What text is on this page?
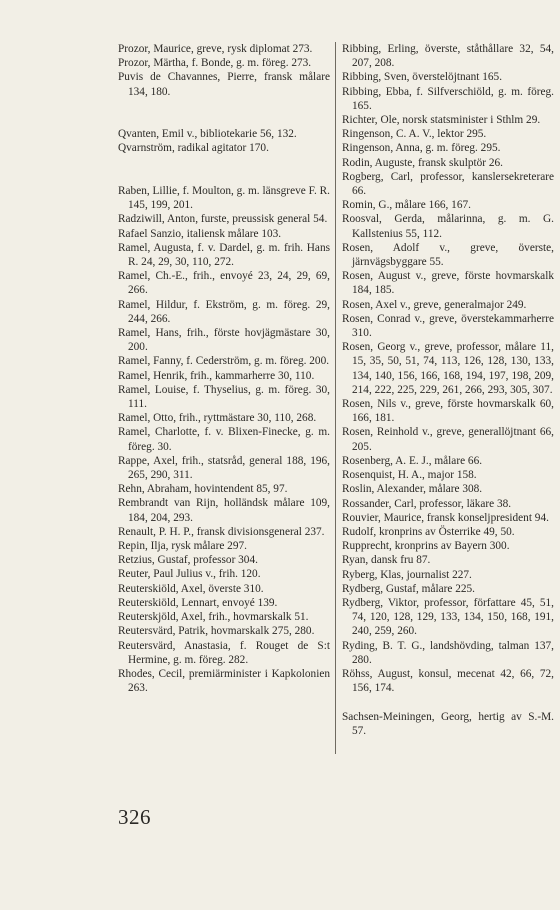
Prozor, Maurice, greve, rysk diplomat 273.
Prozor, Märtha, f. Bonde, g. m. föreg. 273.
Puvis de Chavannes, Pierre, fransk målare 134, 180.
Qvanten, Emil v., bibliotekarie 56, 132.
Qvarnström, radikal agitator 170.
Raben, Lillie, f. Moulton, g. m. länsgreve F. R. 145, 199, 201.
Radziwill, Anton, furste, preussisk general 54.
Rafael Sanzio, italiensk målare 103.
Ramel, Augusta, f. v. Dardel, g. m. frih. Hans R. 24, 29, 30, 110, 272.
Ramel, Ch.-E., frih., envoyé 23, 24, 29, 69, 266.
Ramel, Hildur, f. Ekström, g. m. föreg. 29, 244, 266.
Ramel, Hans, frih., förste hovjägmästare 30, 200.
Ramel, Fanny, f. Cederström, g. m. föreg. 200.
Ramel, Henrik, frih., kammarherre 30, 110.
Ramel, Louise, f. Thyselius, g. m. föreg. 30, 111.
Ramel, Otto, frih., ryttmästare 30, 110, 268.
Ramel, Charlotte, f. v. Blixen-Finecke, g. m. föreg. 30.
Rappe, Axel, frih., statsråd, general 188, 196, 265, 290, 311.
Rehn, Abraham, hovintendent 85, 97.
Rembrandt van Rijn, holländsk målare 109, 184, 204, 293.
Renault, P. H. P., fransk divisionsgeneral 237.
Repin, Ilja, rysk målare 297.
Retzius, Gustaf, professor 304.
Reuter, Paul Julius v., frih. 120.
Reuterskiöld, Axel, överste 310.
Reuterskiöld, Lennart, envoyé 139.
Reuterskjöld, Axel, frih., hovmarskalk 51.
Reutersvärd, Patrik, hovmarskalk 275, 280.
Reutersvärd, Anastasia, f. Rouget de S:t Hermine, g. m. föreg. 282.
Rhodes, Cecil, premiärminister i Kapkolonien 263.
Ribbing, Erling, överste, ståthållare 32, 54, 207, 208.
Ribbing, Sven, överstelöjtnant 165.
Ribbing, Ebba, f. Silfverschiöld, g. m. föreg. 165.
Richter, Ole, norsk statsminister i Sthlm 29.
Ringenson, C. A. V., lektor 295.
Ringenson, Anna, g. m. föreg. 295.
Rodin, Auguste, fransk skulptör 26.
Rogberg, Carl, professor, kanslersekreterare 66.
Romin, G., målare 166, 167.
Roosval, Gerda, målarinna, g. m. G. Kallstenius 55, 112.
Rosen, Adolf v., greve, överste, järnvägsbyggare 55.
Rosen, August v., greve, förste hovmarskalk 184, 185.
Rosen, Axel v., greve, generalmajor 249.
Rosen, Conrad v., greve, överstekammarherre 310.
Rosen, Georg v., greve, professor, målare 11, 15, 35, 50, 51, 74, 113, 126, 128, 130, 133, 134, 140, 156, 166, 168, 194, 197, 198, 209, 214, 222, 225, 229, 261, 266, 293, 305, 307.
Rosen, Nils v., greve, förste hovmarskalk 60, 166, 181.
Rosen, Reinhold v., greve, generallöjtnant 66, 205.
Rosenberg, A. E. J., målare 66.
Rosenquist, H. A., major 158.
Roslin, Alexander, målare 308.
Rossander, Carl, professor, läkare 38.
Rouvier, Maurice, fransk konseljpresident 94.
Rudolf, kronprins av Österrike 49, 50.
Rupprecht, kronprins av Bayern 300.
Ryan, dansk fru 87.
Ryberg, Klas, journalist 227.
Rydberg, Gustaf, målare 225.
Rydberg, Viktor, professor, författare 45, 51, 74, 120, 128, 129, 133, 134, 150, 168, 191, 240, 259, 260.
Ryding, B. T. G., landshövding, talman 137, 280.
Röhss, August, konsul, mecenat 42, 66, 72, 156, 174.
Sachsen-Meiningen, Georg, hertig av S.-M. 57.
326
